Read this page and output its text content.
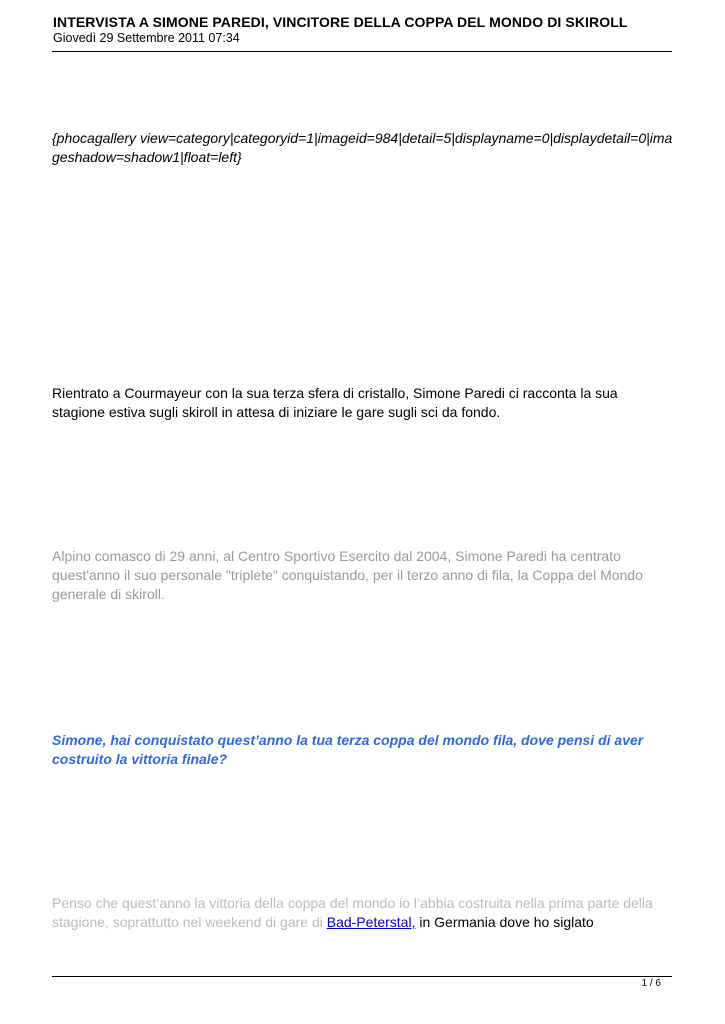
INTERVISTA A SIMONE PAREDI, VINCITORE DELLA COPPA DEL MONDO DI SKIROLL
Giovedì 29 Settembre 2011 07:34
{phocagallery view=category|categoryid=1|imageid=984|detail=5|displayname=0|displaydetail=0|imageshadow=shadow1|float=left}
Rientrato a Courmayeur con la sua terza sfera di cristallo, Simone Paredi ci racconta la sua stagione estiva sugli skiroll in attesa di iniziare le gare sugli sci da fondo.
Alpino comasco di 29 anni, al Centro Sportivo Esercito dal 2004, Simone Paredi ha centrato quest'anno il suo personale "triplete" conquistando, per il terzo anno di fila, la Coppa del Mondo generale di skiroll.
Simone, hai conquistato quest’anno la tua terza coppa del mondo fila, dove pensi di aver costruito la vittoria finale?
Penso che quest’anno la vittoria della coppa del mondo io l’abbia costruita nella prima parte della stagione, soprattutto nel weekend di gare di Bad-Peterstal, in Germania dove ho siglato
1 / 6
